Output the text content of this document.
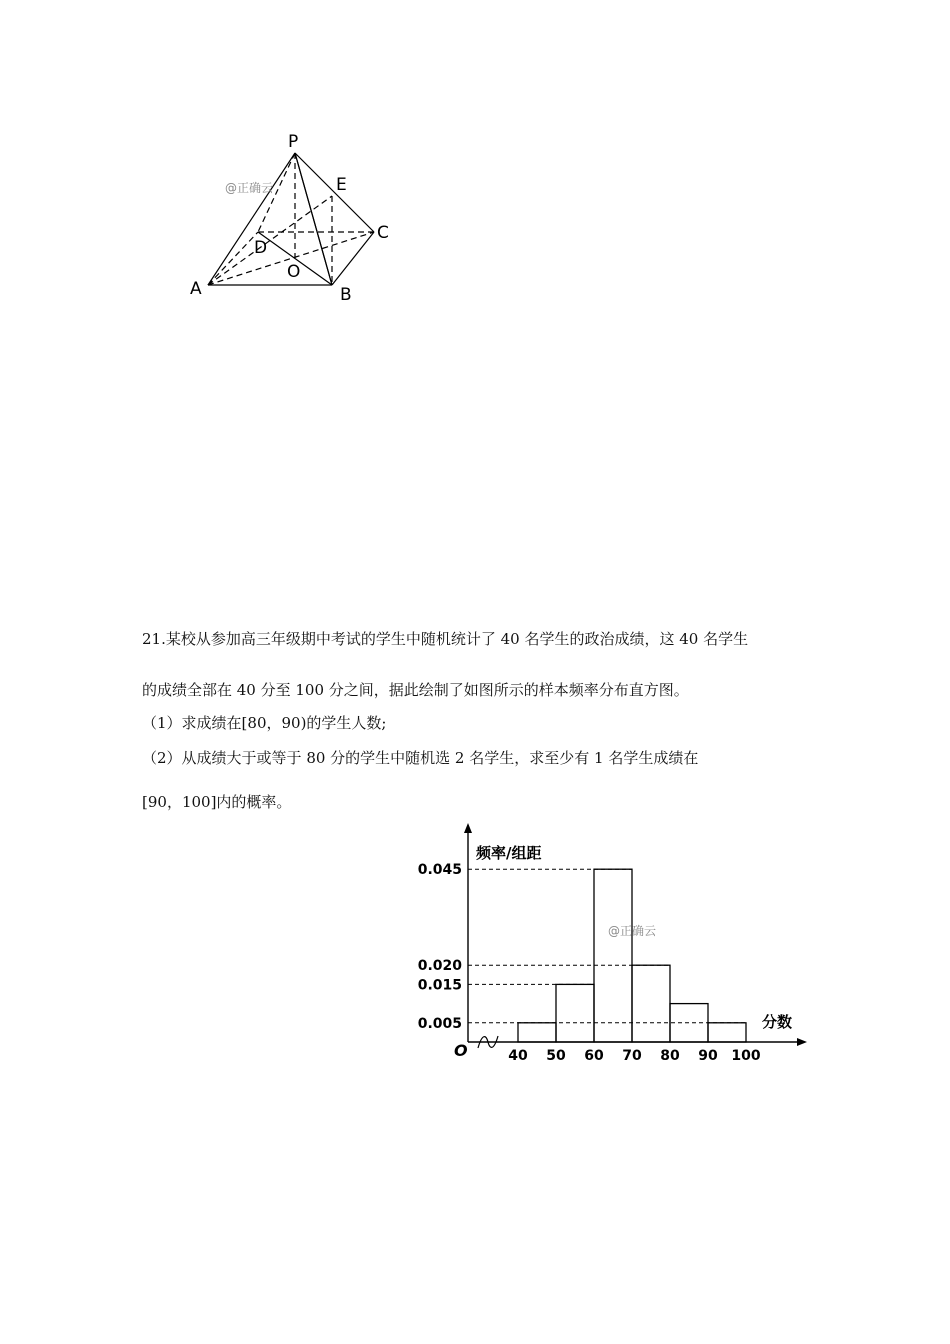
P
E
C
D
O
A	B
@正确云

21.某校从参加高三年级期中考试的学生中随机统计了 40 名学生的政治成绩，这 40 名学生

的成绩全部在 40 分至 100 分之间，据此绘制了如图所示的样本频率分布直方图。

（1）求成绩在[80，90)的学生人数;

（2）从成绩大于或等于 80 分的学生中随机选 2 名学生，求至少有 1 名学生成绩在

[90，100]内的概率。

0.045
0.020
0.015
0.005
40 50 60 70 80 90 100
频率/组距
分数
O
@正确云
